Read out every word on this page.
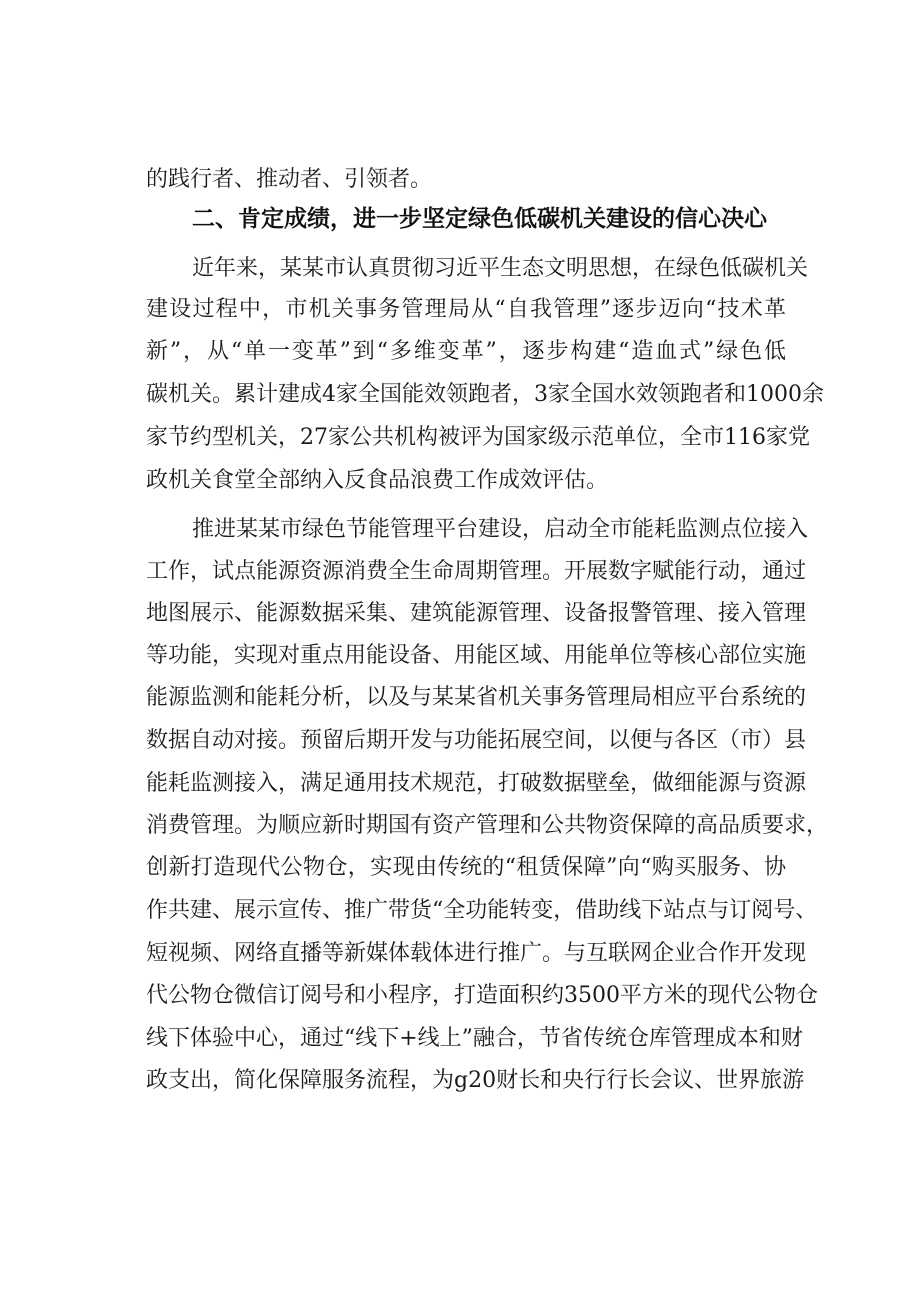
的践行者、推动者、引领者。
二、肯定成绩，进一步坚定绿色低碳机关建设的信心决心
近年来，某某市认真贯彻习近平生态文明思想，在绿色低碳机关
建设过程中，市机关事务管理局从“自我管理”逐步迈向“技术革
新”，从“单一变革”到“多维变革”，逐步构建“造血式”绿色低
碳机关。累计建成4家全国能效领跑者，3家全国水效领跑者和1000余
家节约型机关，27家公共机构被评为国家级示范单位，全市116家党
政机关食堂全部纳入反食品浪费工作成效评估。
推进某某市绿色节能管理平台建设，启动全市能耗监测点位接入
工作，试点能源资源消费全生命周期管理。开展数字赋能行动，通过
地图展示、能源数据采集、建筑能源管理、设备报警管理、接入管理
等功能，实现对重点用能设备、用能区域、用能单位等核心部位实施
能源监测和能耗分析，以及与某某省机关事务管理局相应平台系统的
数据自动对接。预留后期开发与功能拓展空间，以便与各区（市）县
能耗监测接入，满足通用技术规范，打破数据壁垒，做细能源与资源
消费管理。为顺应新时期国有资产管理和公共物资保障的高品质要求，
创新打造现代公物仓，实现由传统的“租赁保障”向“购买服务、协
作共建、展示宣传、推广带货“全功能转变，借助线下站点与订阅号、
短视频、网络直播等新媒体载体进行推广。与互联网企业合作开发现
代公物仓微信订阅号和小程序，打造面积约3500平方米的现代公物仓
线下体验中心，通过“线下+线上”融合，节省传统仓库管理成本和财
政支出，简化保障服务流程，为g20财长和央行行长会议、世界旅游
